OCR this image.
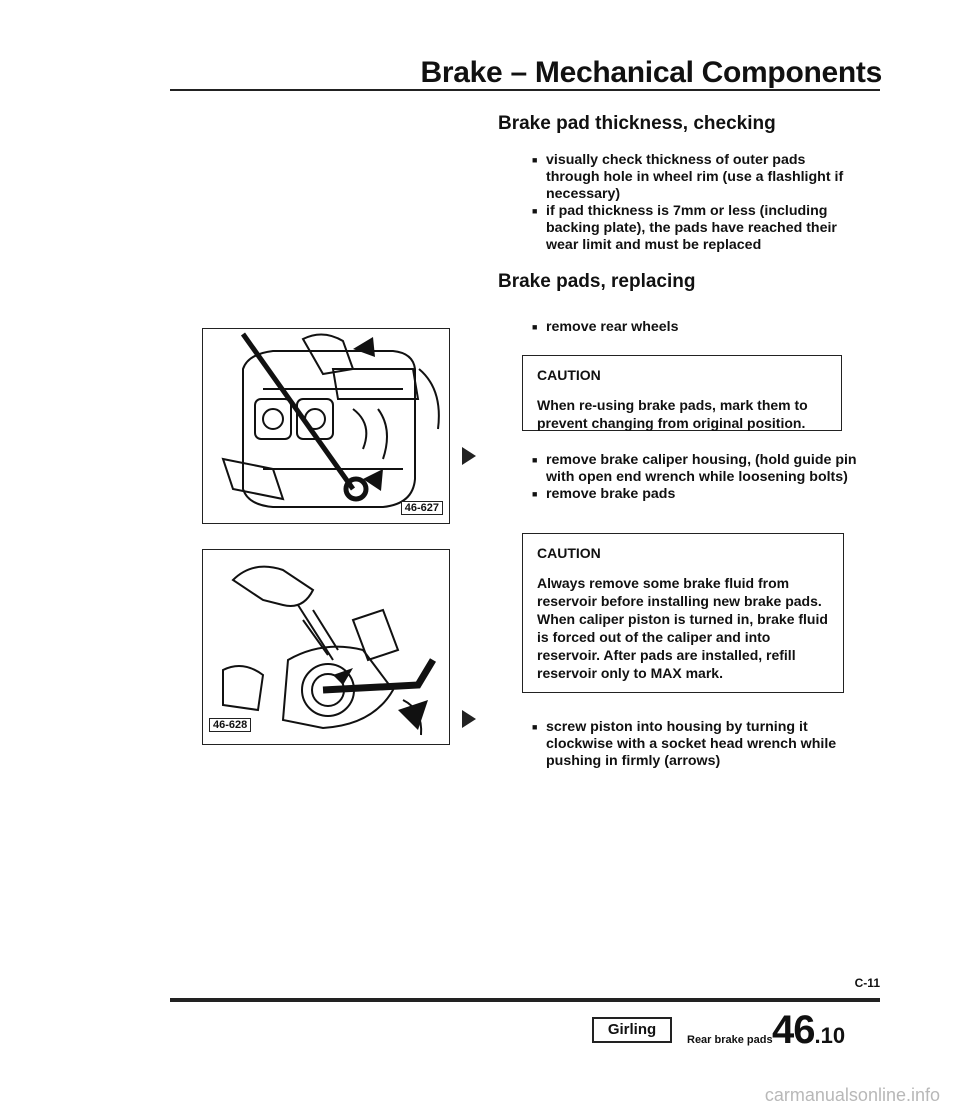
Brake – Mechanical Components
Brake pad thickness, checking
■ visually check thickness of outer pads through hole in wheel rim (use a flashlight if necessary)
■ if pad thickness is 7mm or less (including backing plate), the pads have reached their wear limit and must be replaced
Brake pads, replacing
■ remove rear wheels
CAUTION
When re-using brake pads, mark them to prevent changing from original position.
■ remove brake caliper housing, (hold guide pin with open end wrench while loosening bolts)
■ remove brake pads
CAUTION
Always remove some brake fluid from reservoir before installing new brake pads. When caliper piston is turned in, brake fluid is forced out of the caliper and into reservoir. After pads are installed, refill reservoir only to MAX mark.
■ screw piston into housing by turning it clockwise with a socket head wrench while pushing in firmly (arrows)
46-627
46-628
C-11
Girling
Rear brake pads 46.10
carmanualsonline.info
